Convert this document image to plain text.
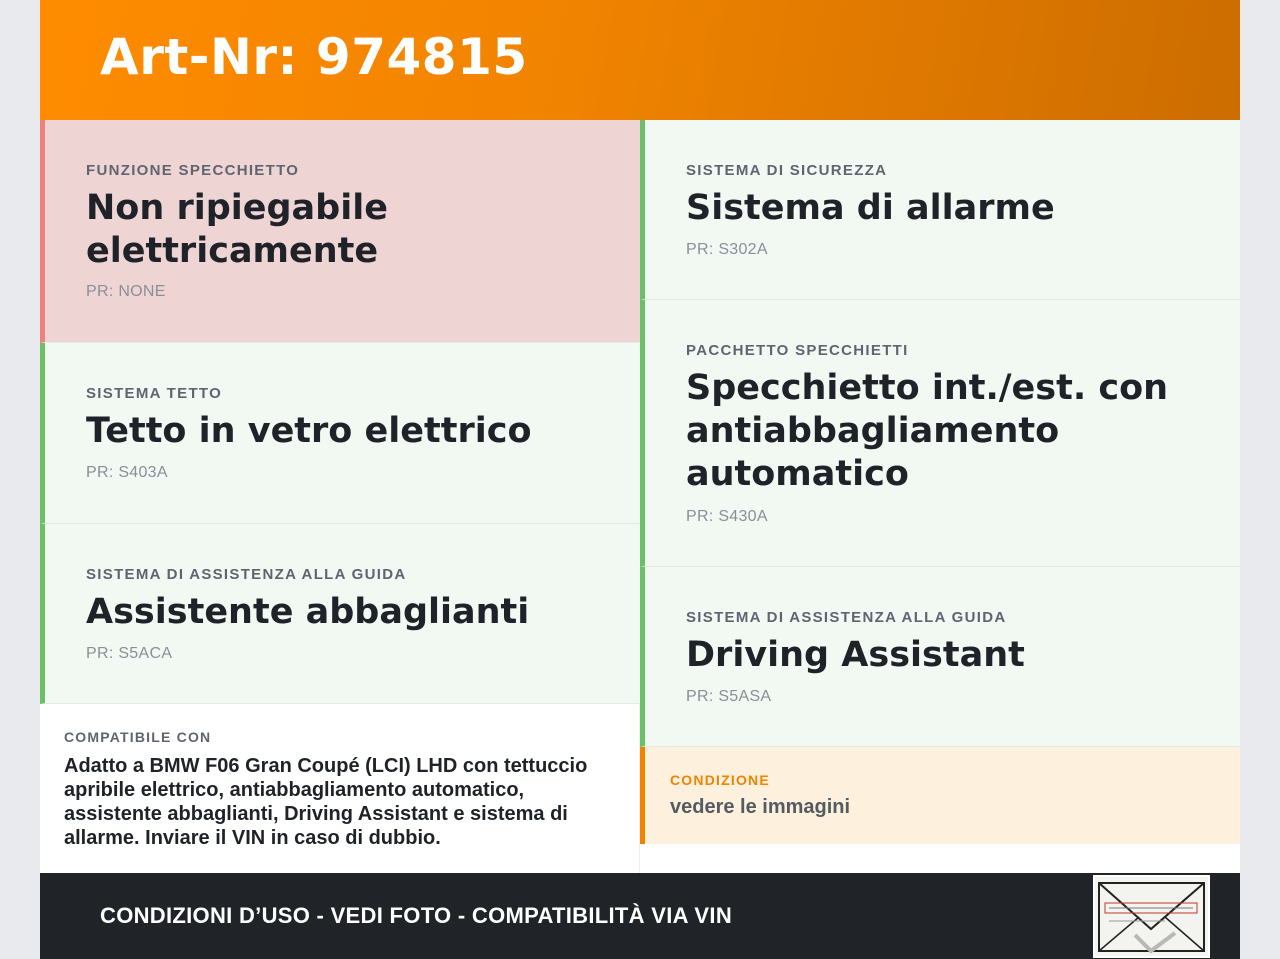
Art-Nr: 974815
FUNZIONE SPECCHIETTO
Non ripiegabile elettricamente
PR: NONE
SISTEMA TETTO
Tetto in vetro elettrico
PR: S403A
SISTEMA DI ASSISTENZA ALLA GUIDA
Assistente abbaglianti
PR: S5ACA
SISTEMA DI SICUREZZA
Sistema di allarme
PR: S302A
PACCHETTO SPECCHIETTI
Specchietto int./est. con antiabbagliamento automatico
PR: S430A
SISTEMA DI ASSISTENZA ALLA GUIDA
Driving Assistant
PR: S5ASA
COMPATIBILE CON
Adatto a BMW F06 Gran Coupé (LCI) LHD con tettuccio apribile elettrico, antiabbagliamento automatico, assistente abbaglianti, Driving Assistant e sistema di allarme. Inviare il VIN in caso di dubbio.
CONDIZIONE
vedere le immagini
CONDIZIONI D’USO - VEDI FOTO - COMPATIBILITÀ VIA VIN
